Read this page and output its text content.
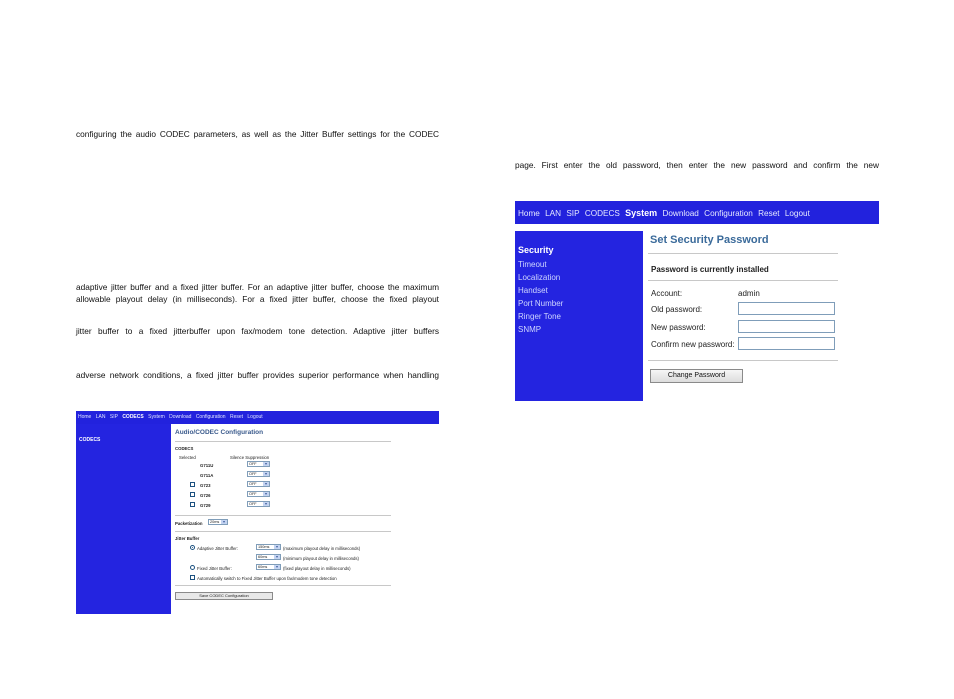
configuring the audio CODEC parameters, as well as the Jitter Buffer settings for the CODEC
adaptive jitter buffer and a fixed jitter buffer. For an adaptive jitter buffer, choose the maximum
allowable playout delay (in milliseconds). For a fixed jitter buffer, choose the fixed playout
jitter buffer to a fixed jitterbuffer upon fax/modem tone detection. Adaptive jitter buffers
adverse network conditions, a fixed jitter buffer provides superior performance when handling
page. First enter the old password, then enter the new password and confirm the new
Home LAN SIP CODECS System Download Configuration Reset Logout
CODECS
Audio/CODEC Configuration
CODECS
Selected	Silence Suppression
G711U	OFF	▾
G711A	OFF	▾
G723	OFF	▾
G726	OFF	▾
G729	OFF	▾
Packetization	20ms ▾
Jitter Buffer
Adaptive Jitter Buffer:	150ms	▾	(maximum playout delay in milliseconds)
60ms	▾	(minimum playout delay in milliseconds)
Fixed Jitter Buffer:	60ms	▾	(fixed playout delay in milliseconds)
Automatically switch to Fixed Jitter Buffer upon fax/modem tone detection
Save CODEC Configuration
Home LAN SIP CODECS System Download Configuration Reset Logout
Security
Timeout
Localization
Handset
Port Number
Ringer Tone
SNMP
Set Security Password
Password is currently installed
Account:	admin
Old password:
New password:
Confirm new password:
Change Password
